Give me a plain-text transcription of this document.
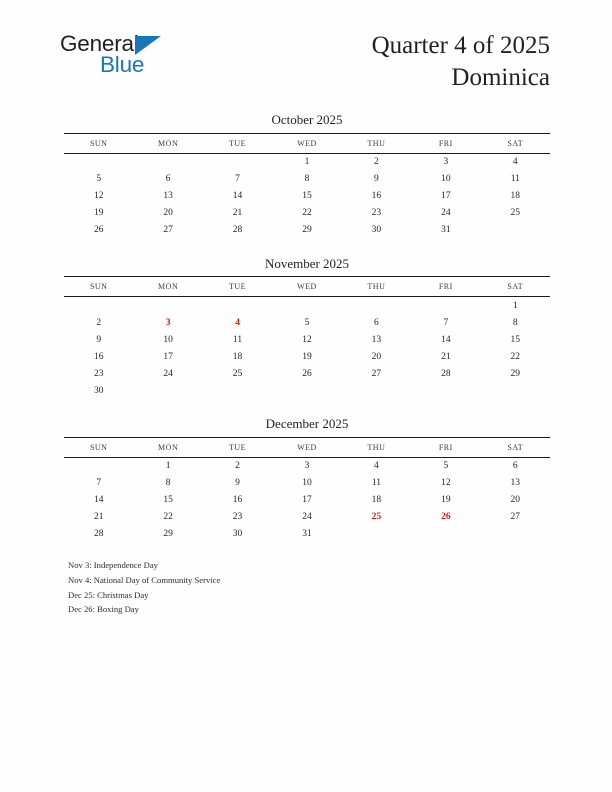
General
Blue
Quarter 4 of 2025
Dominica
October 2025
SUN	MON	TUE	WED	THU	FRI	SAT
			1	2	3	4
5	6	7	8	9	10	11
12	13	14	15	16	17	18
19	20	21	22	23	24	25
26	27	28	29	30	31	
November 2025
SUN	MON	TUE	WED	THU	FRI	SAT
						1
2	3	4	5	6	7	8
9	10	11	12	13	14	15
16	17	18	19	20	21	22
23	24	25	26	27	28	29
30						
December 2025
SUN	MON	TUE	WED	THU	FRI	SAT
	1	2	3	4	5	6
7	8	9	10	11	12	13
14	15	16	17	18	19	20
21	22	23	24	25	26	27
28	29	30	31			
Nov 3: Independence Day
Nov 4: National Day of Community Service
Dec 25: Christmas Day
Dec 26: Boxing Day
